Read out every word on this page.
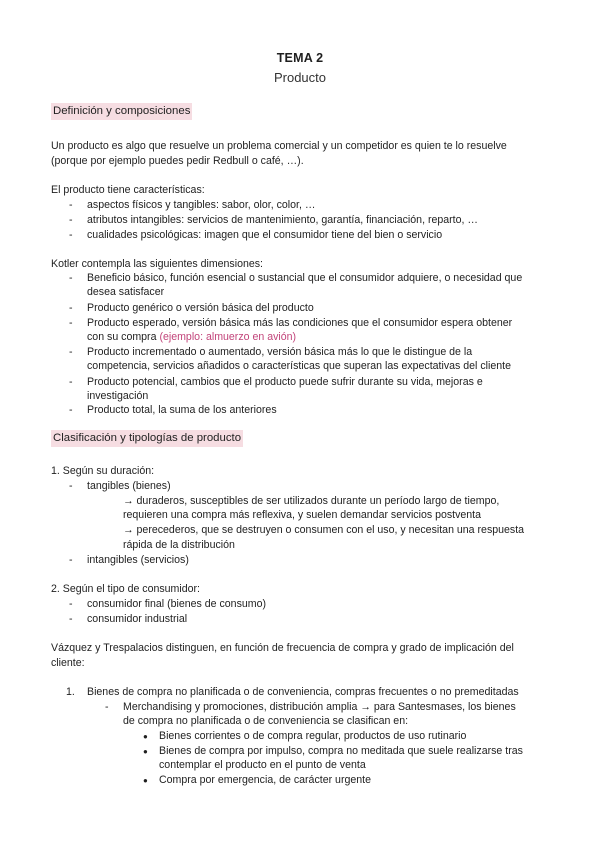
TEMA 2
Producto
Definición y composiciones
Un producto es algo que resuelve un problema comercial y un competidor es quien te lo resuelve
(porque por ejemplo puedes pedir Redbull o café, …).
El producto tiene características:
- aspectos físicos y tangibles: sabor, olor, color, …
- atributos intangibles: servicios de mantenimiento, garantía, financiación, reparto, …
- cualidades psicológicas: imagen que el consumidor tiene del bien o servicio
Kotler contempla las siguientes dimensiones:
- Beneficio básico, función esencial o sustancial que el consumidor adquiere, o necesidad que
desea satisfacer
- Producto genérico o versión básica del producto
- Producto esperado, versión básica más las condiciones que el consumidor espera obtener
con su compra (ejemplo: almuerzo en avión)
- Producto incrementado o aumentado, versión básica más lo que le distingue de la
competencia, servicios añadidos o características que superan las expectativas del cliente
- Producto potencial, cambios que el producto puede sufrir durante su vida, mejoras e
investigación
- Producto total, la suma de los anteriores
Clasificación y tipologías de producto
1. Según su duración:
- tangibles (bienes)
→ duraderos, susceptibles de ser utilizados durante un período largo de tiempo,
requieren una compra más reflexiva, y suelen demandar servicios postventa
→ perecederos, que se destruyen o consumen con el uso, y necesitan una respuesta
rápida de la distribución
- intangibles (servicios)
2. Según el tipo de consumidor:
- consumidor final (bienes de consumo)
- consumidor industrial
Vázquez y Trespalacios distinguen, en función de frecuencia de compra y grado de implicación del
cliente:
1. Bienes de compra no planificada o de conveniencia, compras frecuentes o no premeditadas
- Merchandising y promociones, distribución amplia → para Santesmases, los bienes
de compra no planificada o de conveniencia se clasifican en:
● Bienes corrientes o de compra regular, productos de uso rutinario
● Bienes de compra por impulso, compra no meditada que suele realizarse tras
contemplar el producto en el punto de venta
● Compra por emergencia, de carácter urgente
